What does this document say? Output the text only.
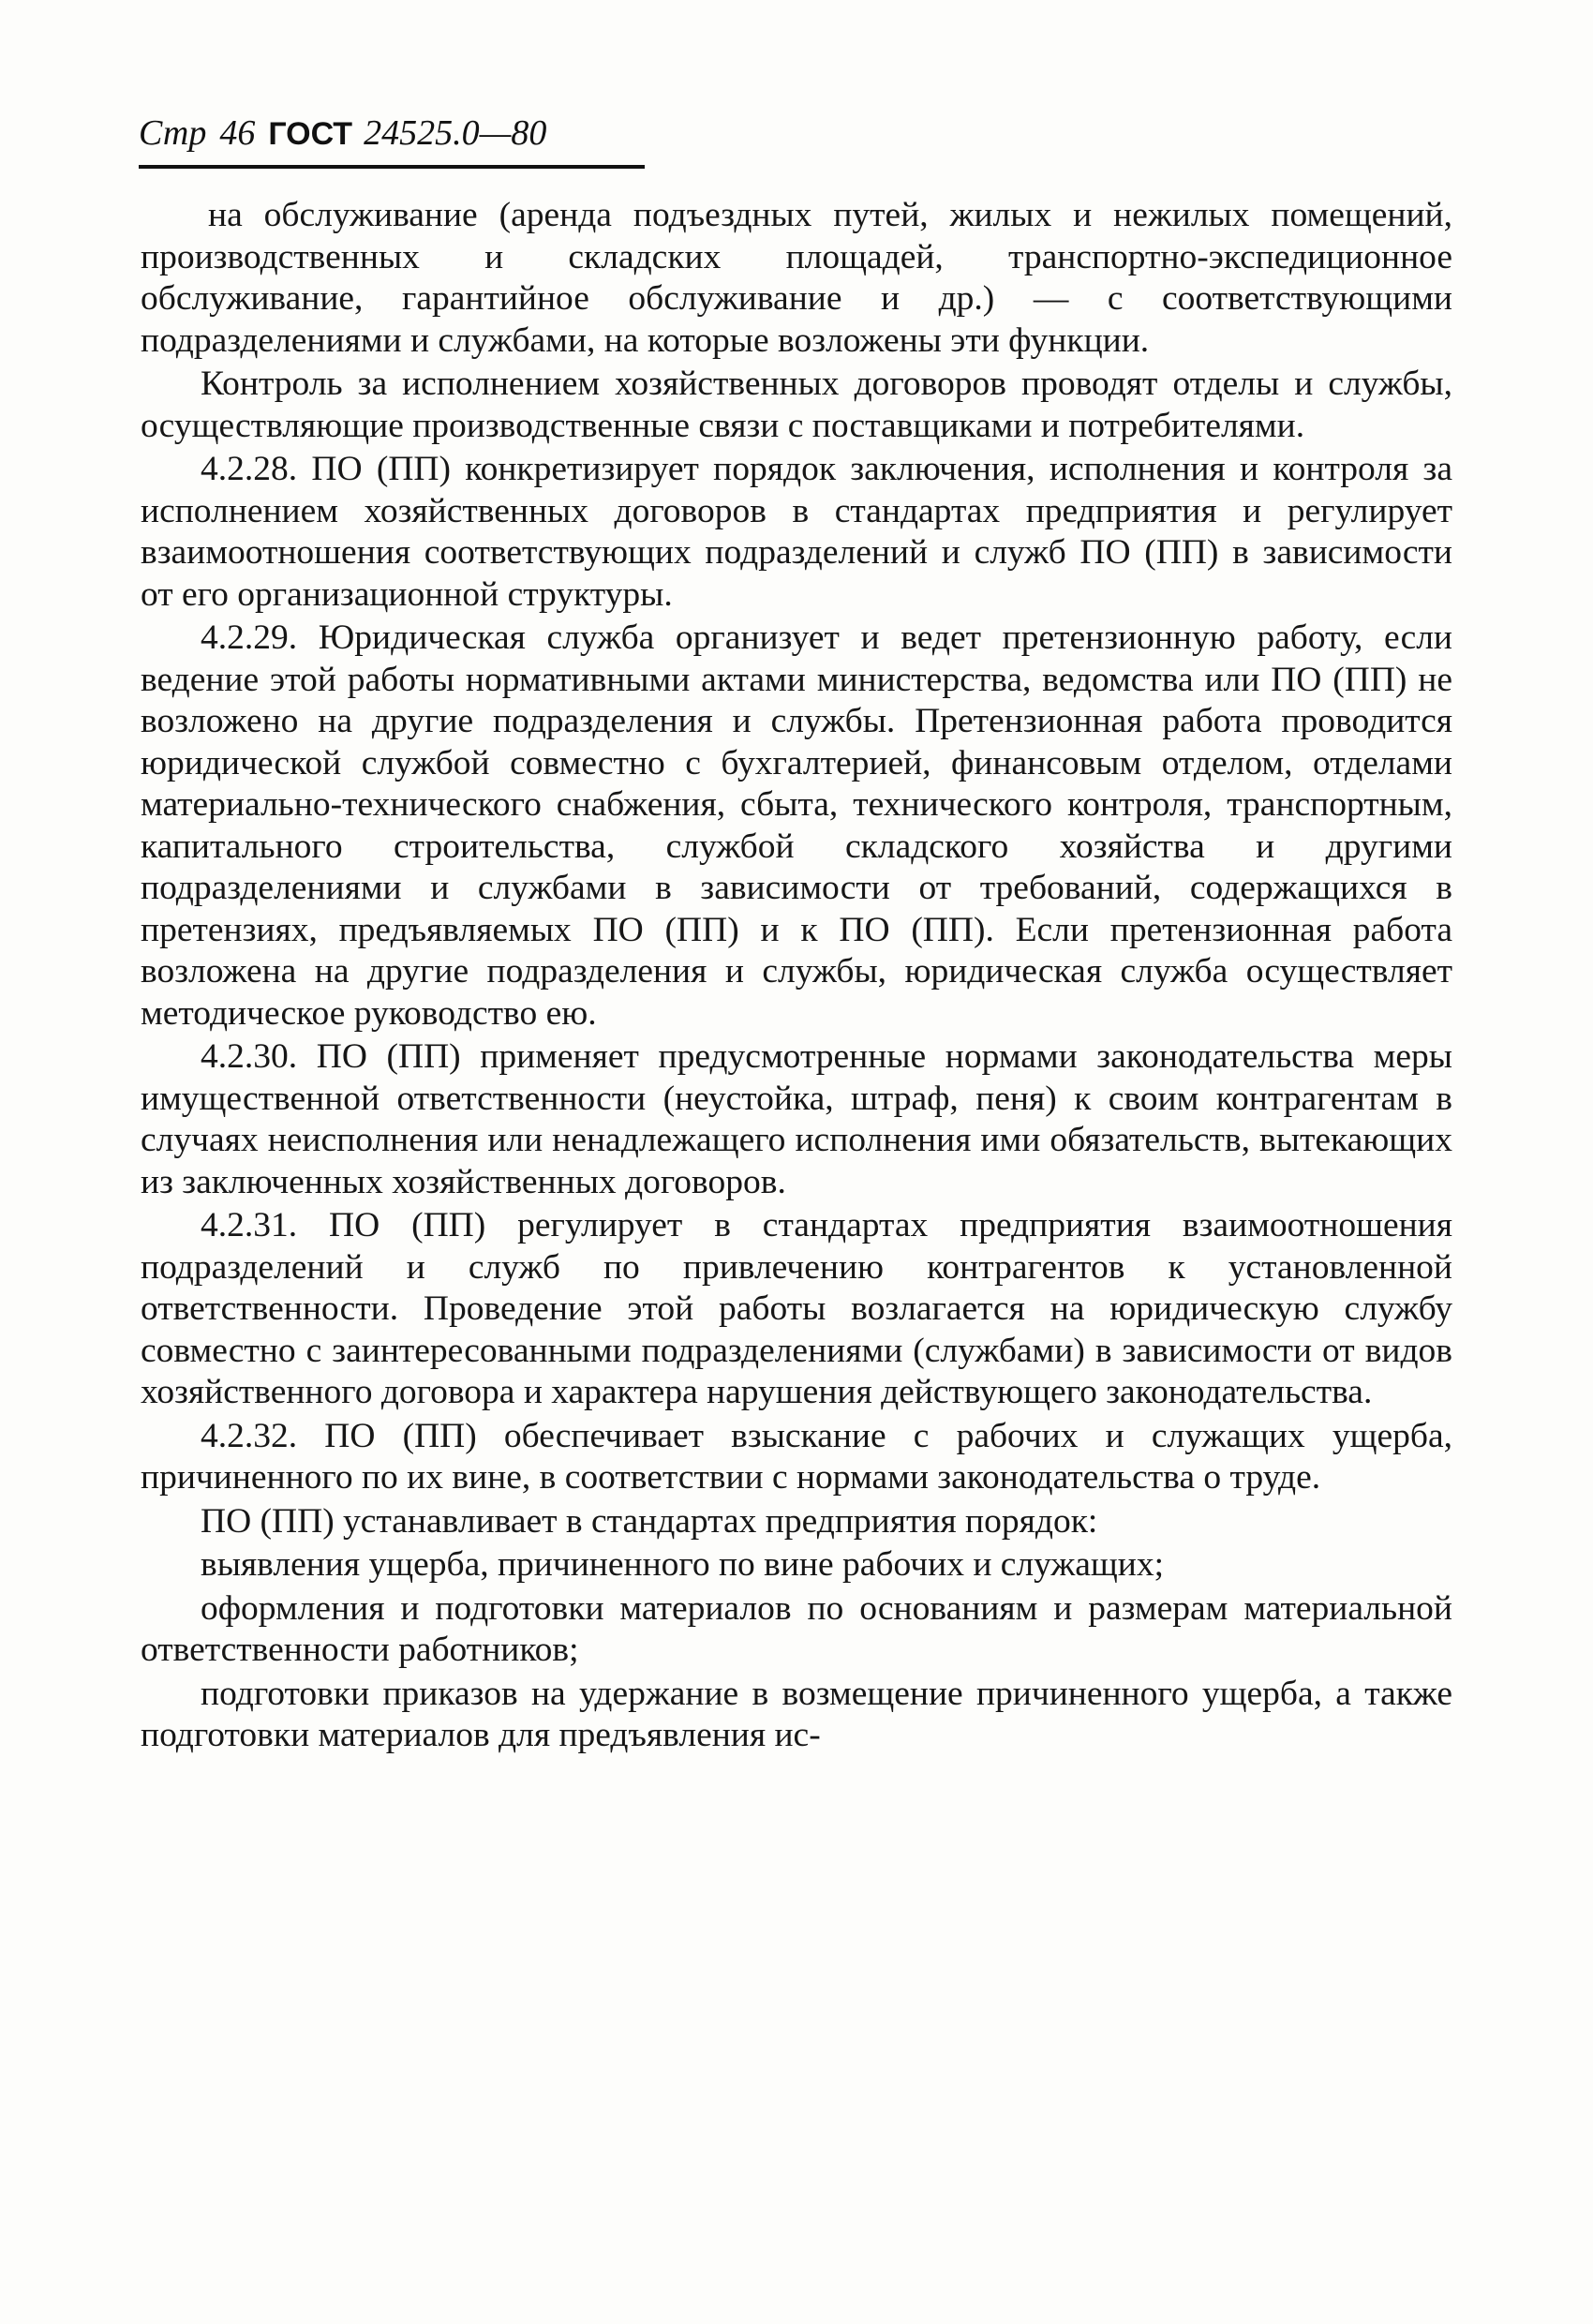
Стр 46 ГОСТ 24525.0—80

на обслуживание (аренда подъездных путей, жилых и нежилых помещений, производственных и складских площадей, транспортно-экспедиционное обслуживание, гарантийное обслуживание и др.) — с соответствующими подразделениями и службами, на которые возложены эти функции.

Контроль за исполнением хозяйственных договоров проводят отделы и службы, осуществляющие производственные связи с поставщиками и потребителями.

4.2.28. ПО (ПП) конкретизирует порядок заключения, исполнения и контроля за исполнением хозяйственных договоров в стандартах предприятия и регулирует взаимоотношения соответствующих подразделений и служб ПО (ПП) в зависимости от его организационной структуры.

4.2.29. Юридическая служба организует и ведет претензионную работу, если ведение этой работы нормативными актами министерства, ведомства или ПО (ПП) не возложено на другие подразделения и службы. Претензионная работа проводится юридической службой совместно с бухгалтерией, финансовым отделом, отделами материально-технического снабжения, сбыта, технического контроля, транспортным, капитального строительства, службой складского хозяйства и другими подразделениями и службами в зависимости от требований, содержащихся в претензиях, предъявляемых ПО (ПП) и к ПО (ПП). Если претензионная работа возложена на другие подразделения и службы, юридическая служба осуществляет методическое руководство ею.

4.2.30. ПО (ПП) применяет предусмотренные нормами законодательства меры имущественной ответственности (неустойка, штраф, пеня) к своим контрагентам в случаях неисполнения или ненадлежащего исполнения ими обязательств, вытекающих из заключенных хозяйственных договоров.

4.2.31. ПО (ПП) регулирует в стандартах предприятия взаимоотношения подразделений и служб по привлечению контрагентов к установленной ответственности. Проведение этой работы возлагается на юридическую службу совместно с заинтересованными подразделениями (службами) в зависимости от видов хозяйственного договора и характера нарушения действующего законодательства.

4.2.32. ПО (ПП) обеспечивает взыскание с рабочих и служащих ущерба, причиненного по их вине, в соответствии с нормами законодательства о труде.

ПО (ПП) устанавливает в стандартах предприятия порядок:

выявления ущерба, причиненного по вине рабочих и служащих;

оформления и подготовки материалов по основаниям и размерам материальной ответственности работников;

подготовки приказов на удержание в возмещение причиненного ущерба, а также подготовки материалов для предъявления ис-
